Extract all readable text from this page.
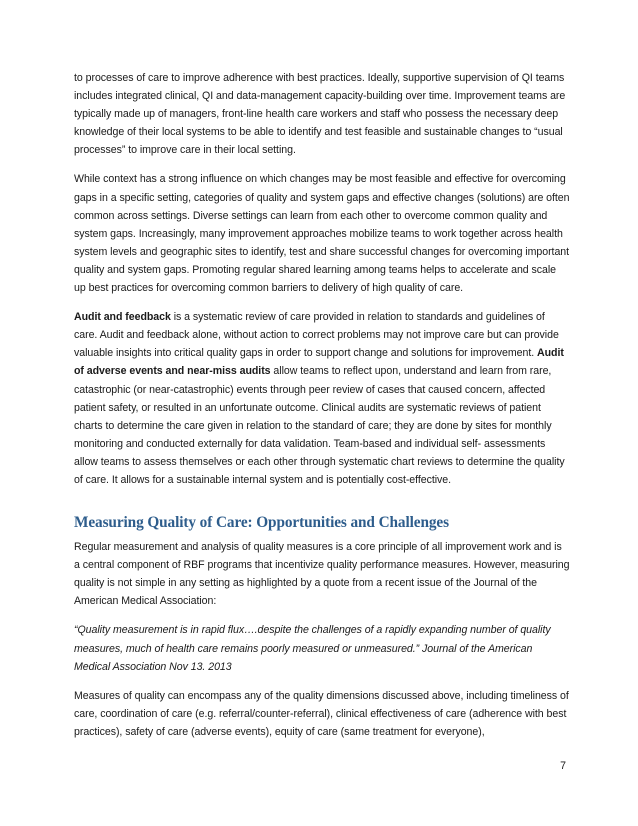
to processes of care to improve adherence with best practices. Ideally, supportive supervision of QI teams includes integrated clinical, QI and data-management capacity-building over time. Improvement teams are typically made up of managers, front-line health care workers and staff who possess the necessary deep knowledge of their local systems to be able to identify and test feasible and sustainable changes to “usual processes” to improve care in their local setting.

While context has a strong influence on which changes may be most feasible and effective for overcoming gaps in a specific setting, categories of quality and system gaps and effective changes (solutions) are often common across settings. Diverse settings can learn from each other to overcome common quality and system gaps. Increasingly, many improvement approaches mobilize teams to work together across health system levels and geographic sites to identify, test and share successful changes for overcoming important quality and system gaps. Promoting regular shared learning among teams helps to accelerate and scale up best practices for overcoming common barriers to delivery of high quality of care.

Audit and feedback is a systematic review of care provided in relation to standards and guidelines of care. Audit and feedback alone, without action to correct problems may not improve care but can provide valuable insights into critical quality gaps in order to support change and solutions for improvement. Audit of adverse events and near-miss audits allow teams to reflect upon, understand and learn from rare, catastrophic (or near-catastrophic) events through peer review of cases that caused concern, affected patient safety, or resulted in an unfortunate outcome. Clinical audits are systematic reviews of patient charts to determine the care given in relation to the standard of care; they are done by sites for monthly monitoring and conducted externally for data validation. Team-based and individual self- assessments allow teams to assess themselves or each other through systematic chart reviews to determine the quality of care. It allows for a sustainable internal system and is potentially cost-effective.

Measuring Quality of Care: Opportunities and Challenges

Regular measurement and analysis of quality measures is a core principle of all improvement work and is a central component of RBF programs that incentivize quality performance measures. However, measuring quality is not simple in any setting as highlighted by a quote from a recent issue of the Journal of the American Medical Association:

“Quality measurement is in rapid flux….despite the challenges of a rapidly expanding number of quality measures, much of health care remains poorly measured or unmeasured.” Journal of the American Medical Association Nov 13. 2013

Measures of quality can encompass any of the quality dimensions discussed above, including timeliness of care, coordination of care (e.g. referral/counter-referral), clinical effectiveness of care (adherence with best practices), safety of care (adverse events), equity of care (same treatment for everyone),

7
